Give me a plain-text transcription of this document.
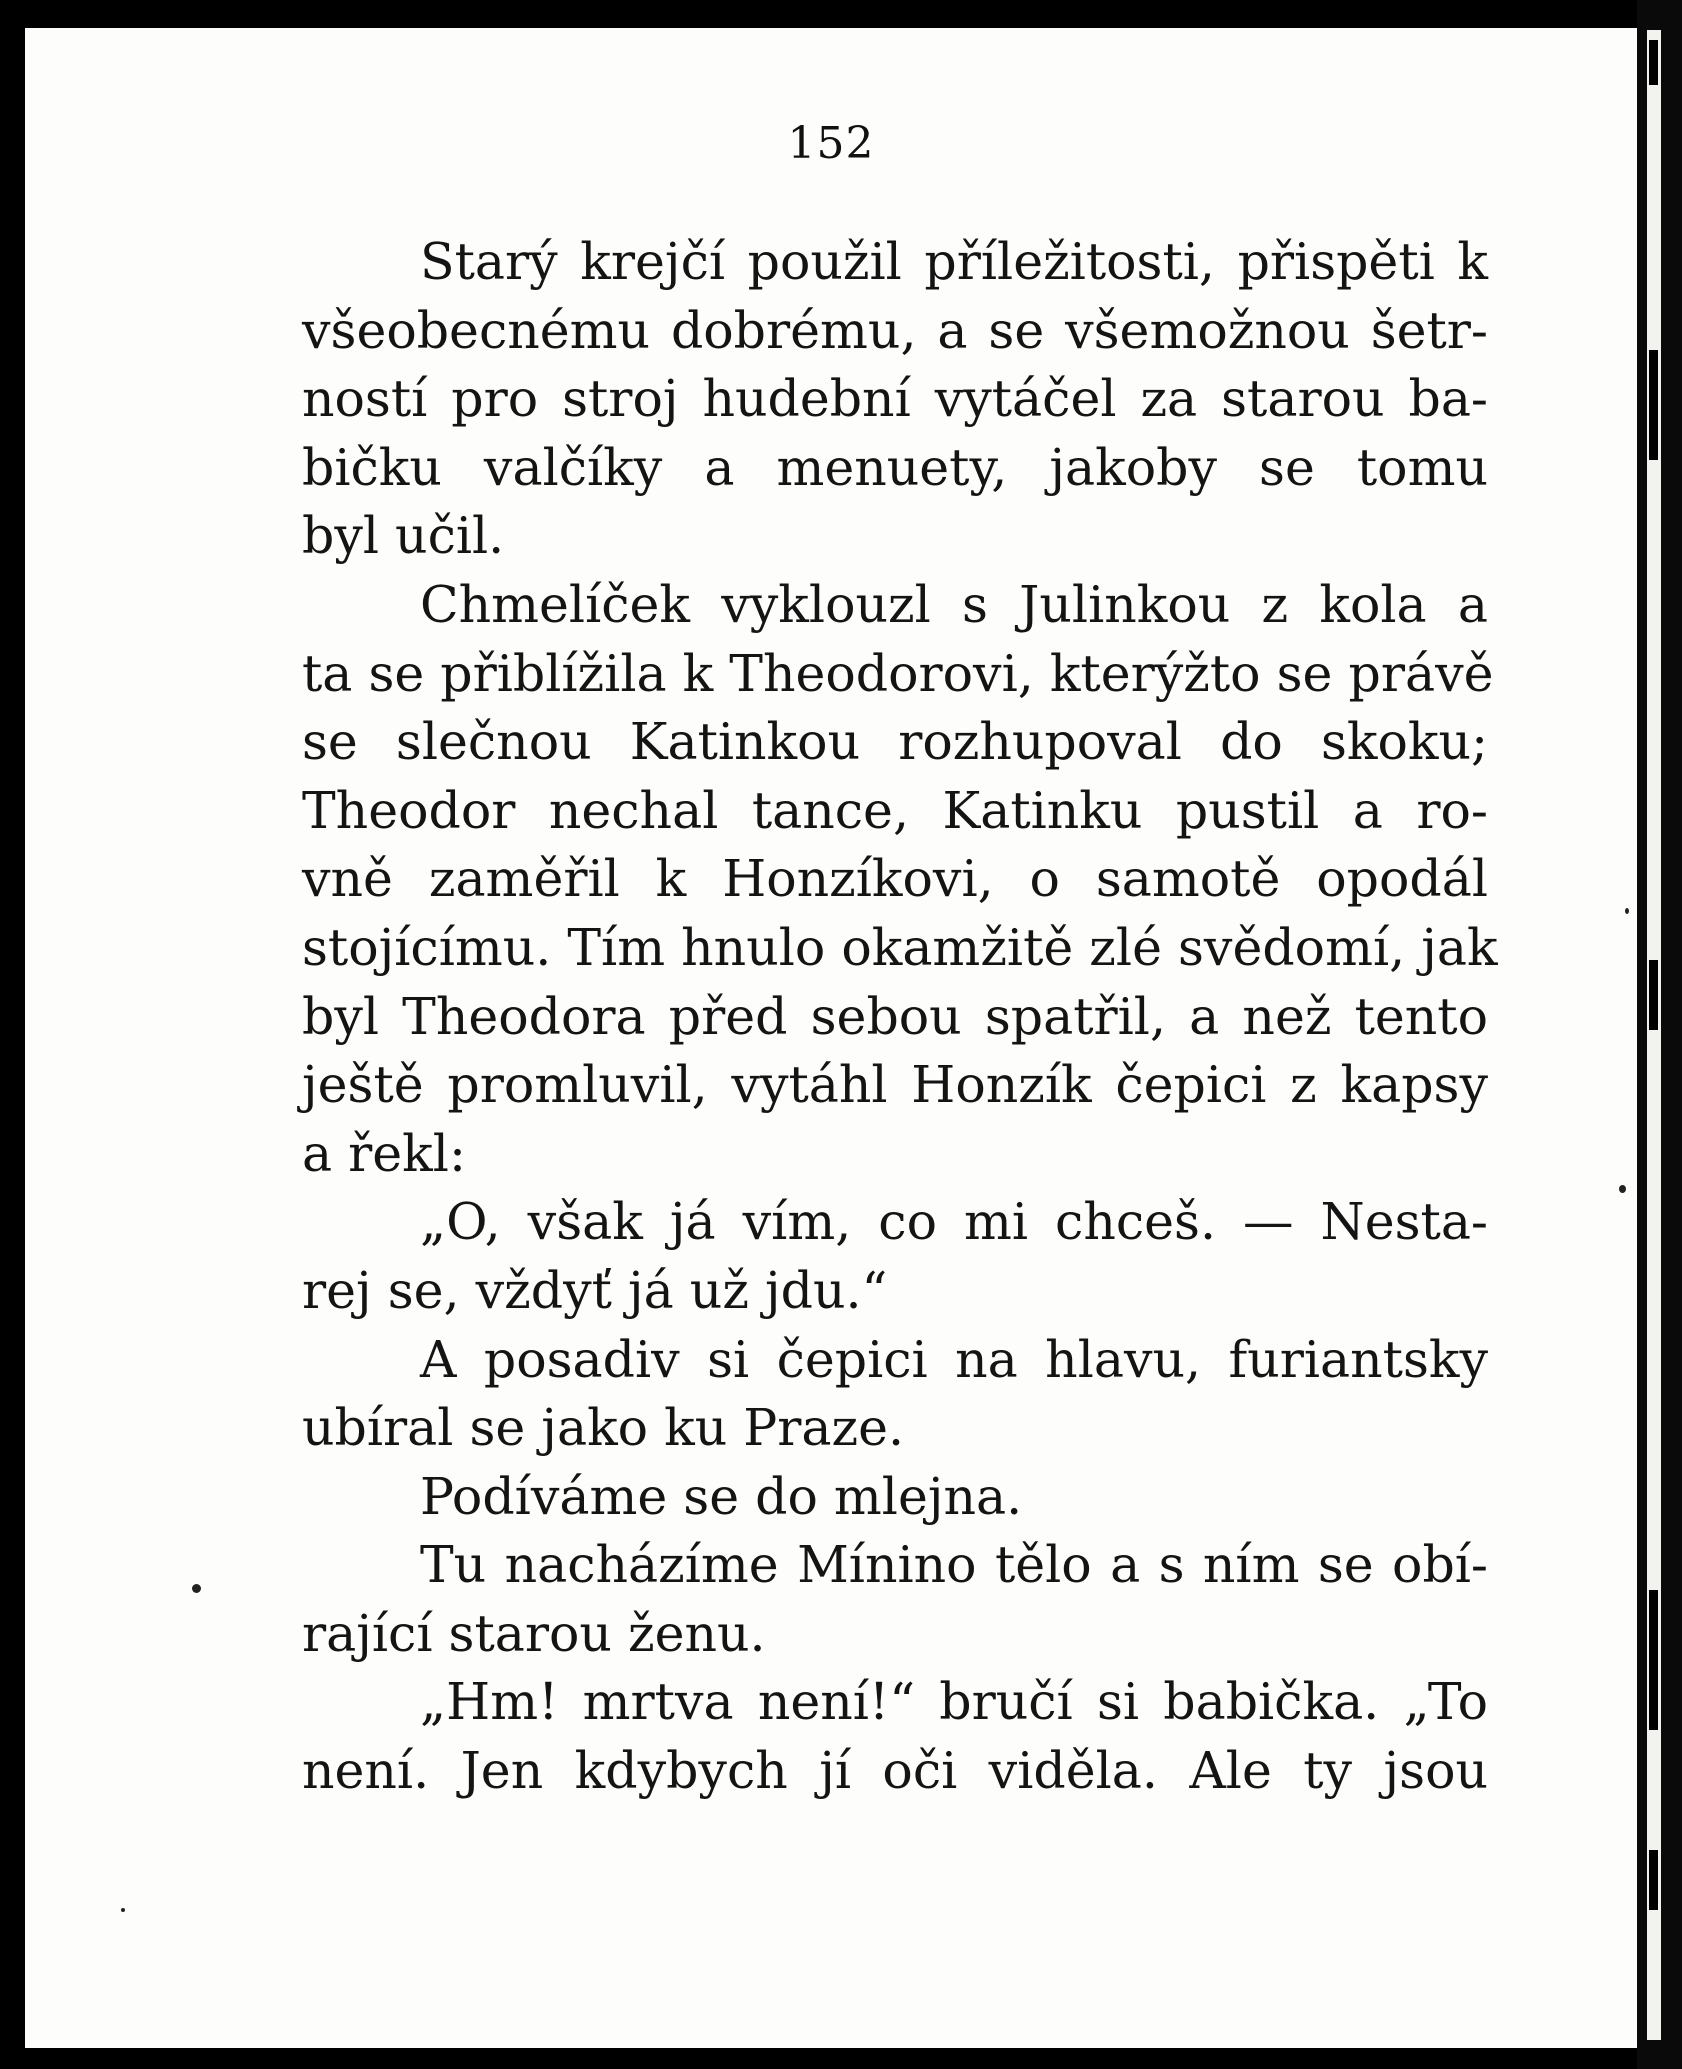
152
Starý krejčí použil příležitosti, přispěti k
všeobecnému dobrému, a se všemožnou šetr-
ností pro stroj hudební vytáčel za starou ba-
bičku valčíky a menuety, jakoby se tomu
byl učil.
Chmelíček vyklouzl s Julinkou z kola a
ta se přiblížila k Theodorovi, kterýžto se právě
se slečnou Katinkou rozhupoval do skoku;
Theodor nechal tance, Katinku pustil a ro-
vně zaměřil k Honzíkovi, o samotě opodál
stojícímu. Tím hnulo okamžitě zlé svědomí, jak
byl Theodora před sebou spatřil, a než tento
ještě promluvil, vytáhl Honzík čepici z kapsy
a řekl:
„O, však já vím, co mi chceš. — Nesta-
rej se, vždyť já už jdu.“
A posadiv si čepici na hlavu, furiantsky
ubíral se jako ku Praze.
Podíváme se do mlejna.
Tu nacházíme Mínino tělo a s ním se obí-
rající starou ženu.
„Hm! mrtva není!“ bručí si babička. „To
není. Jen kdybych jí oči viděla. Ale ty jsou
